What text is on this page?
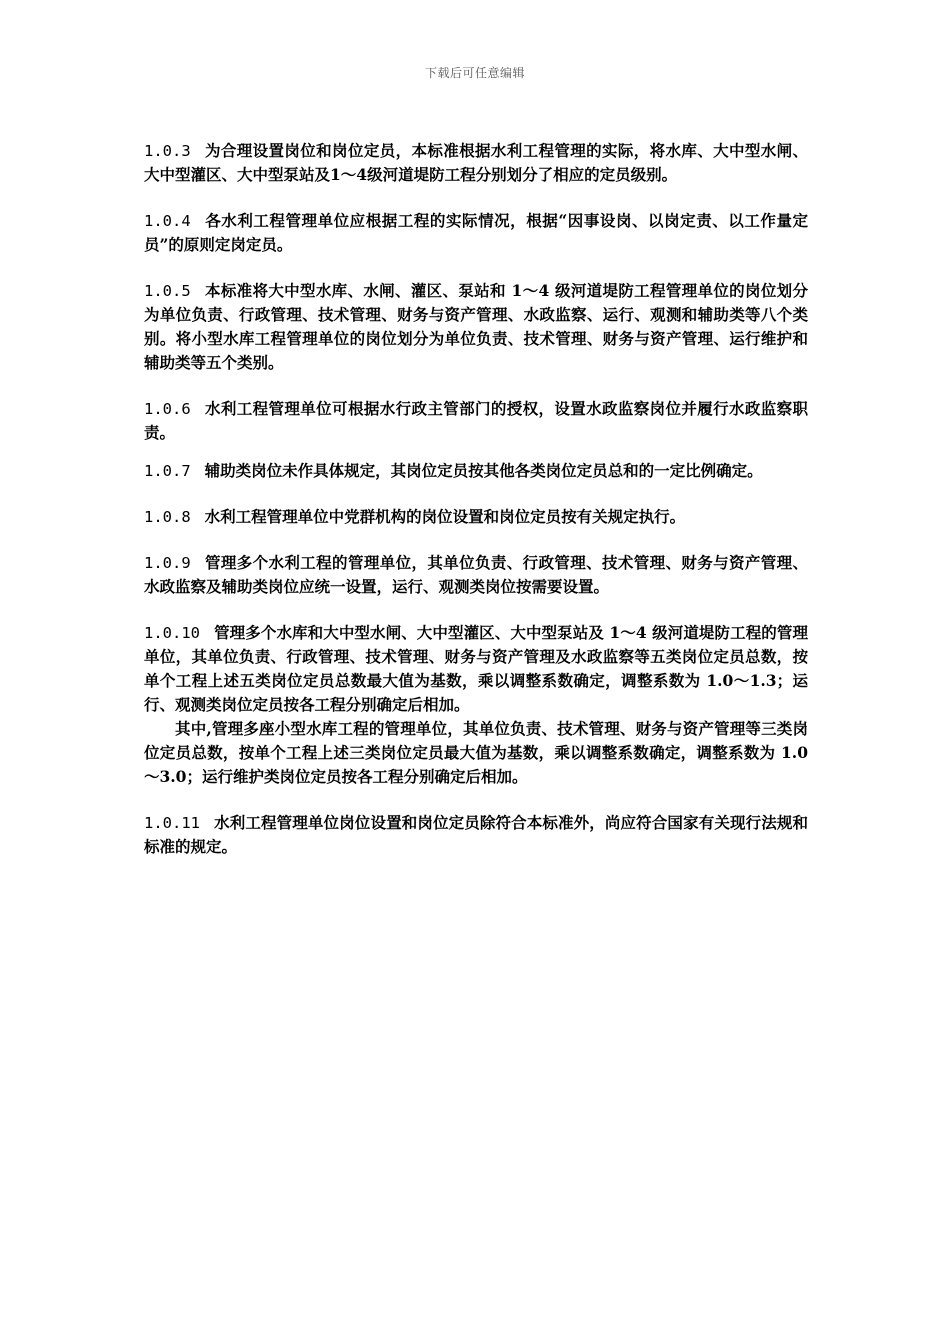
下载后可任意编辑

1.0.3 为合理设置岗位和岗位定员，本标准根据水利工程管理的实际，将水库、大中型水闸、大中型灌区、大中型泵站及1～4级河道堤防工程分别划分了相应的定员级别。

1.0.4 各水利工程管理单位应根据工程的实际情况，根据“因事设岗、以岗定责、以工作量定员”的原则定岗定员。

1.0.5 本标准将大中型水库、水闸、灌区、泵站和 1～4 级河道堤防工程管理单位的岗位划分为单位负责、行政管理、技术管理、财务与资产管理、水政监察、运行、观测和辅助类等八个类别。将小型水库工程管理单位的岗位划分为单位负责、技术管理、财务与资产管理、运行维护和辅助类等五个类别。

1.0.6 水利工程管理单位可根据水行政主管部门的授权，设置水政监察岗位并履行水政监察职责。

1.0.7 辅助类岗位未作具体规定，其岗位定员按其他各类岗位定员总和的一定比例确定。

1.0.8 水利工程管理单位中党群机构的岗位设置和岗位定员按有关规定执行。

1.0.9 管理多个水利工程的管理单位，其单位负责、行政管理、技术管理、财务与资产管理、水政监察及辅助类岗位应统一设置，运行、观测类岗位按需要设置。

1.0.10 管理多个水库和大中型水闸、大中型灌区、大中型泵站及 1～4 级河道堤防工程的管理单位，其单位负责、行政管理、技术管理、财务与资产管理及水政监察等五类岗位定员总数，按单个工程上述五类岗位定员总数最大值为基数，乘以调整系数确定，调整系数为 1.0～1.3；运行、观测类岗位定员按各工程分别确定后相加。

其中,管理多座小型水库工程的管理单位，其单位负责、技术管理、财务与资产管理等三类岗位定员总数，按单个工程上述三类岗位定员最大值为基数，乘以调整系数确定，调整系数为 1.0～3.0；运行维护类岗位定员按各工程分别确定后相加。

1.0.11 水利工程管理单位岗位设置和岗位定员除符合本标准外，尚应符合国家有关现行法规和标准的规定。
